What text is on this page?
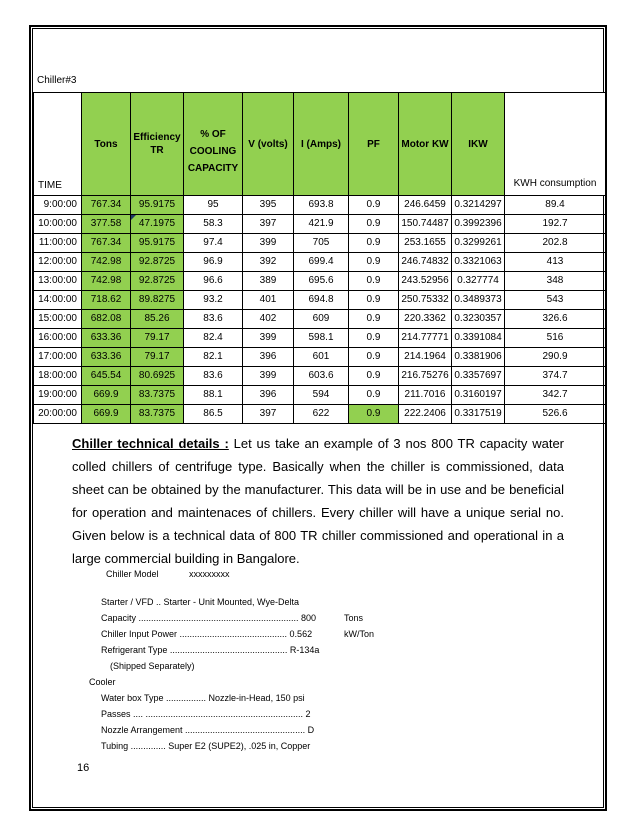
Chiller#3
TIME	Tons	Efficiency TR	% OF COOLING CAPACITY	V (volts)	I (Amps)	PF	Motor KW	IKW	KWH consumption
9:00:00	767.34	95.9175	95	395	693.8	0.9	246.6459	0.3214297	89.4
10:00:00	377.58	47.1975	58.3	397	421.9	0.9	150.74487	0.3992396	192.7
11:00:00	767.34	95.9175	97.4	399	705	0.9	253.1655	0.3299261	202.8
12:00:00	742.98	92.8725	96.9	392	699.4	0.9	246.74832	0.3321063	413
13:00:00	742.98	92.8725	96.6	389	695.6	0.9	243.52956	0.327774	348
14:00:00	718.62	89.8275	93.2	401	694.8	0.9	250.75332	0.3489373	543
15:00:00	682.08	85.26	83.6	402	609	0.9	220.3362	0.3230357	326.6
16:00:00	633.36	79.17	82.4	399	598.1	0.9	214.77771	0.3391084	516
17:00:00	633.36	79.17	82.1	396	601	0.9	214.1964	0.3381906	290.9
18:00:00	645.54	80.6925	83.6	399	603.6	0.9	216.75276	0.3357697	374.7
19:00:00	669.9	83.7375	88.1	396	594	0.9	211.7016	0.3160197	342.7
20:00:00	669.9	83.7375	86.5	397	622	0.9	222.2406	0.3317519	526.6
Chiller technical details : Let us take an example of 3 nos 800 TR capacity water colled chillers of centrifuge type. Basically when the chiller is commissioned, data sheet can be obtained by the manufacturer. This data will be in use and be beneficial for operation and maintenaces of chillers. Every chiller will have a unique serial no. Given below is a technical data of 800 TR chiller commissioned and operational in a large commercial building in Bangalore.
Chiller Model	xxxxxxxxx
Starter / VFD .. Starter - Unit Mounted, Wye-Delta
Capacity ................................................................ 800	Tons
Chiller Input Power ........................................... 0.562	kW/Ton
Refrigerant Type ............................................... R-134a
(Shipped Separately)
Cooler
Water box Type ................ Nozzle-in-Head, 150 psi
Passes .... ............................................................... 2
Nozzle Arrangement ................................................ D
Tubing .............. Super E2 (SUPE2), .025 in, Copper
16
